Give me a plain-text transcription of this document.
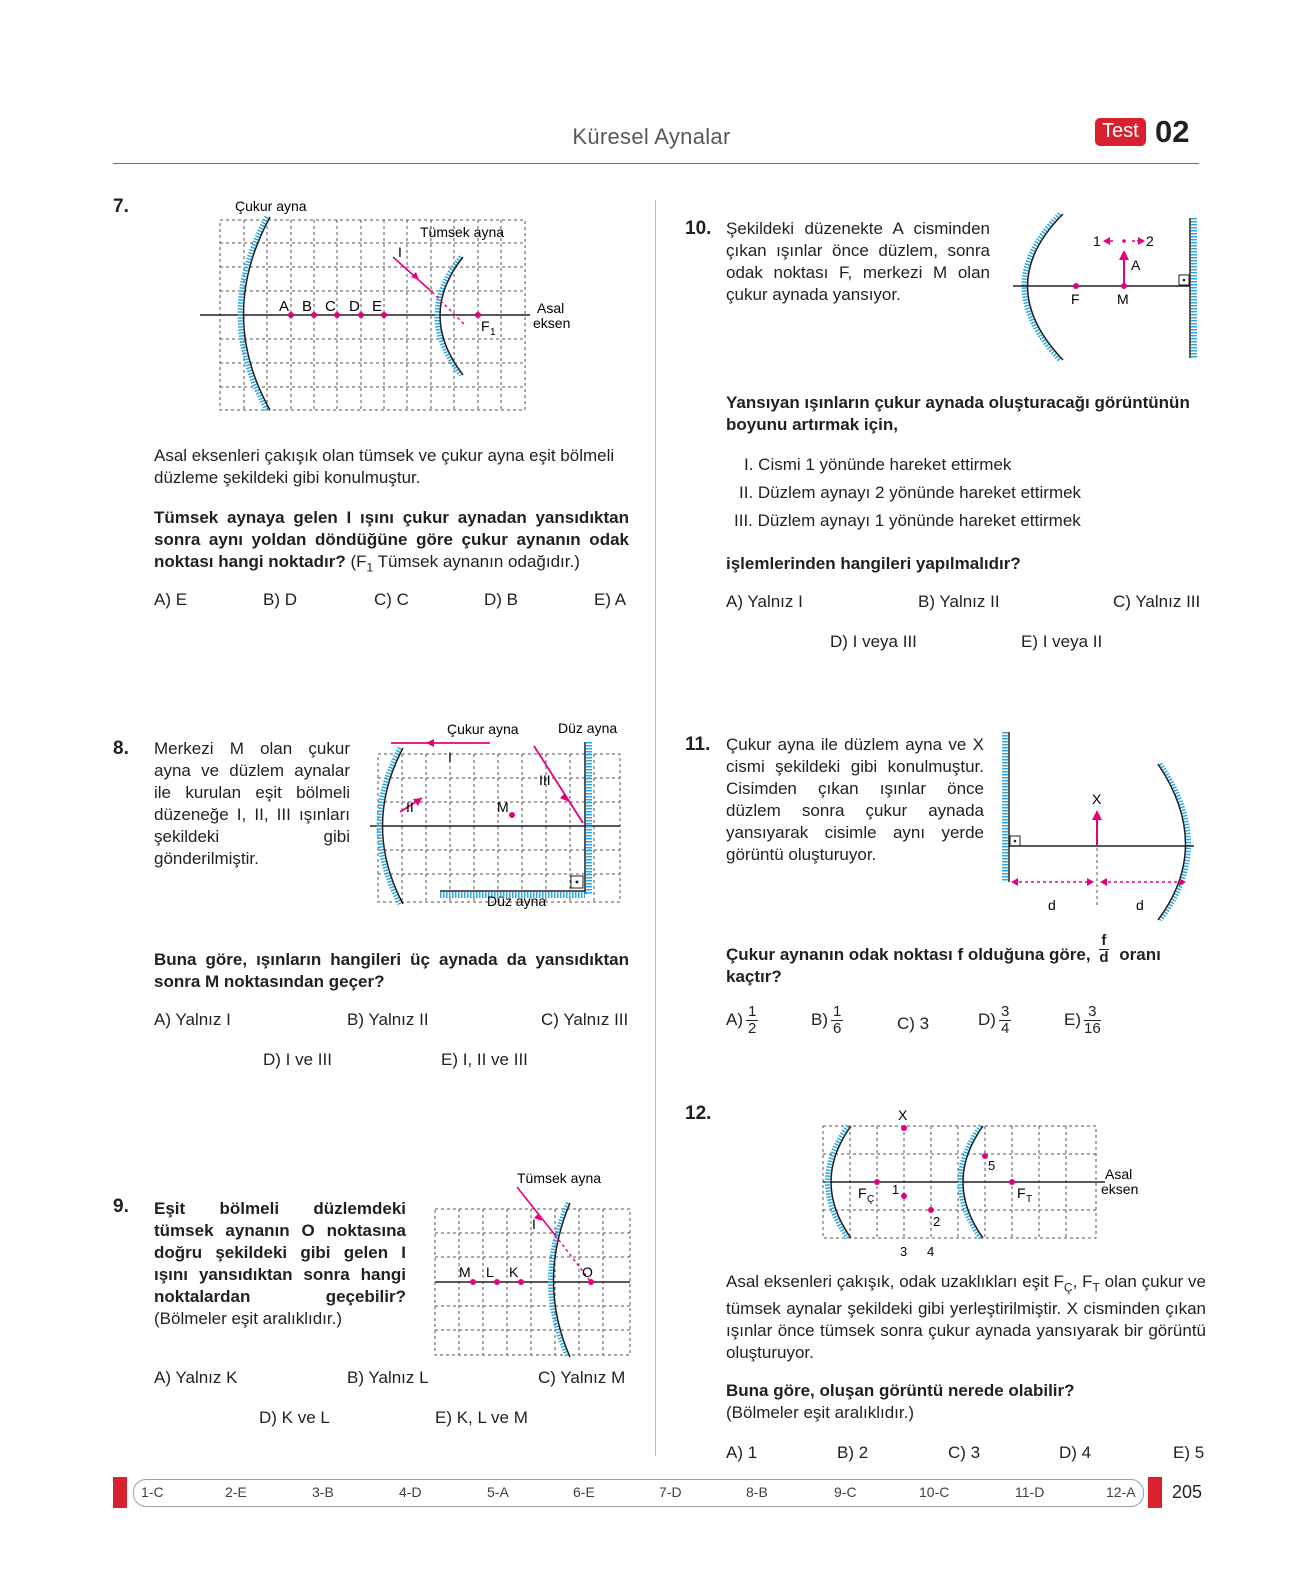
Küresel Aynalar	Test 02
7.	Çukur ayna
Tümsek ayna
I
A B C D E
F 1
Asal
eksen
Asal eksenleri çakışık olan tümsek ve çukur ayna eşit bölmeli düzleme şekildeki gibi konulmuştur.
Tümsek aynaya gelen I ışını çukur aynadan yansıdıktan sonra aynı yoldan döndüğüne göre çukur aynanın odak noktası hangi noktadır? ($F_1$ Tümsek aynanın odağıdır.)
A) E	B) D	C) C	D) B	E) A
8. Merkezi M olan çukur ayna ve düzlem aynalar ile kurulan eşit bölmeli düzeneğe I, II, III ışınları şekildeki gibi gönderilmiştir.
Çukur ayna	Düz ayna
Düz ayna
I
II
III
M
Buna göre, ışınların hangileri üç aynada da yansıdıktan sonra M noktasından geçer?
A) Yalnız I	B) Yalnız II	C) Yalnız III
D) I ve III	E) I, II ve III
9. Eşit bölmeli düzlemdeki tümsek aynanın O noktasına doğru şekildeki gibi gelen I ışını yansıdıktan sonra hangi noktalardan geçebilir? (Bölmeler eşit aralıklıdır.)
Tümsek ayna
I
M L K	O
A) Yalnız K	B) Yalnız L	C) Yalnız M
D) K ve L	E) K, L ve M
10. Şekildeki düzenekte A cisminden çıkan ışınlar önce düzlem, sonra odak noktası F, merkezi M olan çukur aynada yansıyor.
1	2
A
F	M
Yansıyan ışınların çukur aynada oluşturacağı görüntünün boyunu artırmak için,
I. Cismi 1 yönünde hareket ettirmek
II. Düzlem aynayı 2 yönünde hareket ettirmek
III. Düzlem aynayı 1 yönünde hareket ettirmek
işlemlerinden hangileri yapılmalıdır?
A) Yalnız I	B) Yalnız II	C) Yalnız III
D) I veya III	E) I veya II
11. Çukur ayna ile düzlem ayna ve X cismi şekildeki gibi konulmuştur. Cisimden çıkan ışınlar önce düzlem sonra çukur aynada yansıyarak cisimle aynı yerde görüntü oluşturuyor.
X
d	d
Çukur aynanın odak noktası f olduğuna göre, $\frac{f}{d}$ oranı kaçtır?
$A) \frac{1}{2}$	$B) \frac{1}{6}$	C) 3	$D) \frac{3}{4}$	$E) \frac{3}{16}$
12.	X
F Ç	F T
1
2
3 4
5
Asal
eksen
Asal eksenleri çakışık, odak uzaklıkları eşit $F_Ç$, $F_T$ olan çukur ve tümsek aynalar şekildeki gibi yerleştirilmiştir. X cisminden çıkan ışınlar önce tümsek sonra çukur aynada yansıyarak bir görüntü oluşturuyor.
Buna göre, oluşan görüntü nerede olabilir?
(Bölmeler eşit aralıklıdır.)
A) 1	B) 2	C) 3	D) 4	E) 5
1-C	2-E	3-B	4-D	5-A	6-E	7-D	8-B	9-C	10-C	11-D	12-A 205
